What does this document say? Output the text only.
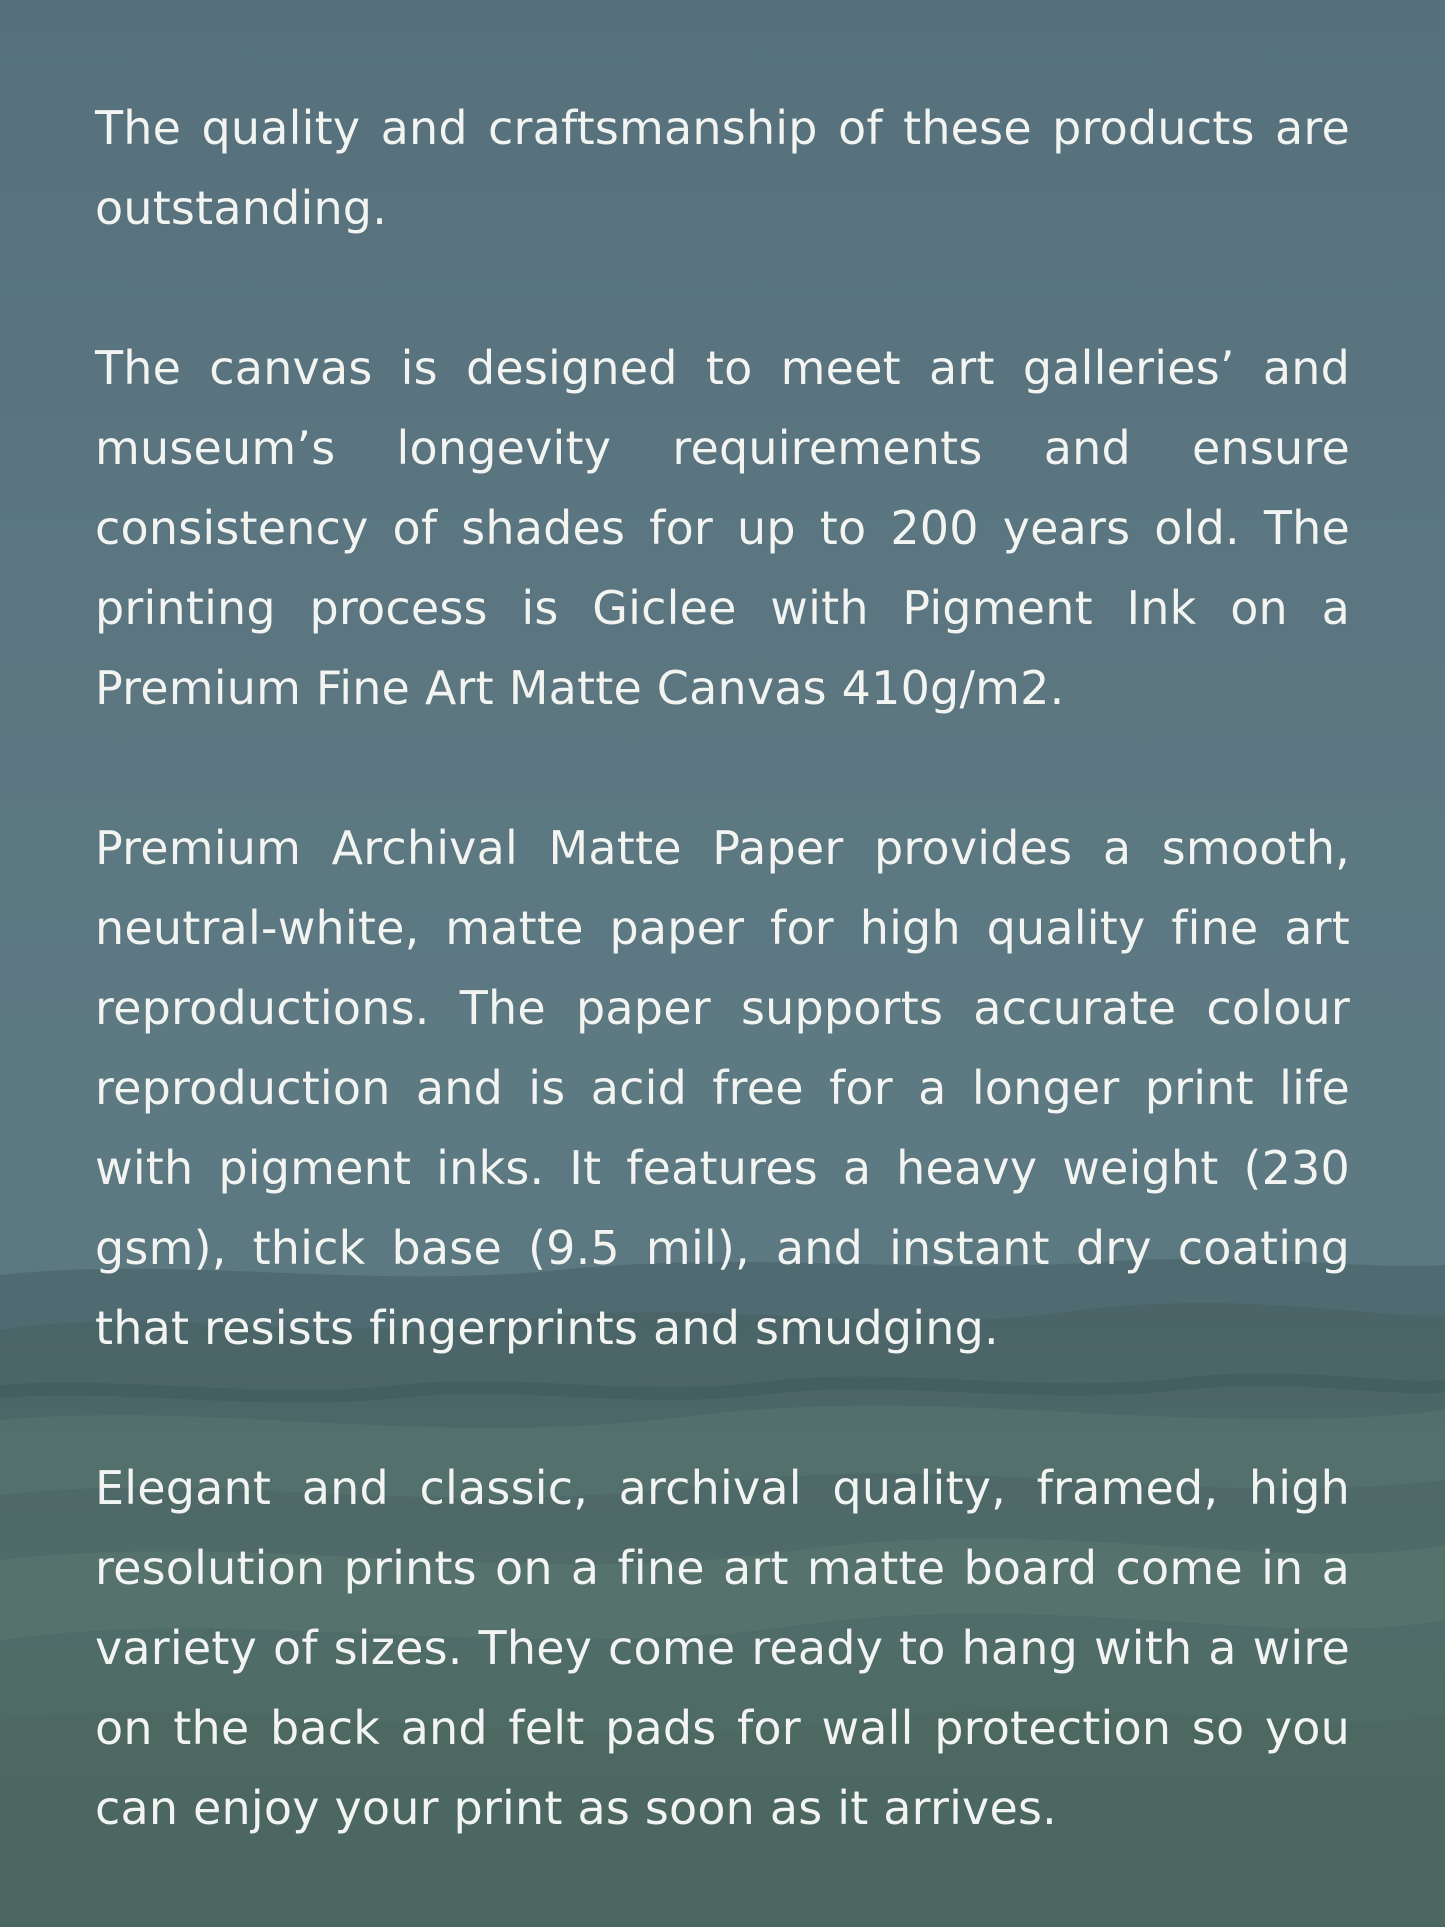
The quality and craftsmanship of these products are outstanding.

The canvas is designed to meet art galleries’ and museum’s longevity requirements and ensure consistency of shades for up to 200 years old. The printing process is Giclee with Pigment Ink on a Premium Fine Art Matte Canvas 410g/m2.

Premium Archival Matte Paper provides a smooth, neutral-white, matte paper for high quality fine art reproductions. The paper supports accurate colour reproduction and is acid free for a longer print life with pigment inks. It features a heavy weight (230 gsm), thick base (9.5 mil), and instant dry coating that resists fingerprints and smudging.

Elegant and classic, archival quality, framed, high resolution prints on a fine art matte board come in a variety of sizes. They come ready to hang with a wire on the back and felt pads for wall protection so you can enjoy your print as soon as it arrives.
